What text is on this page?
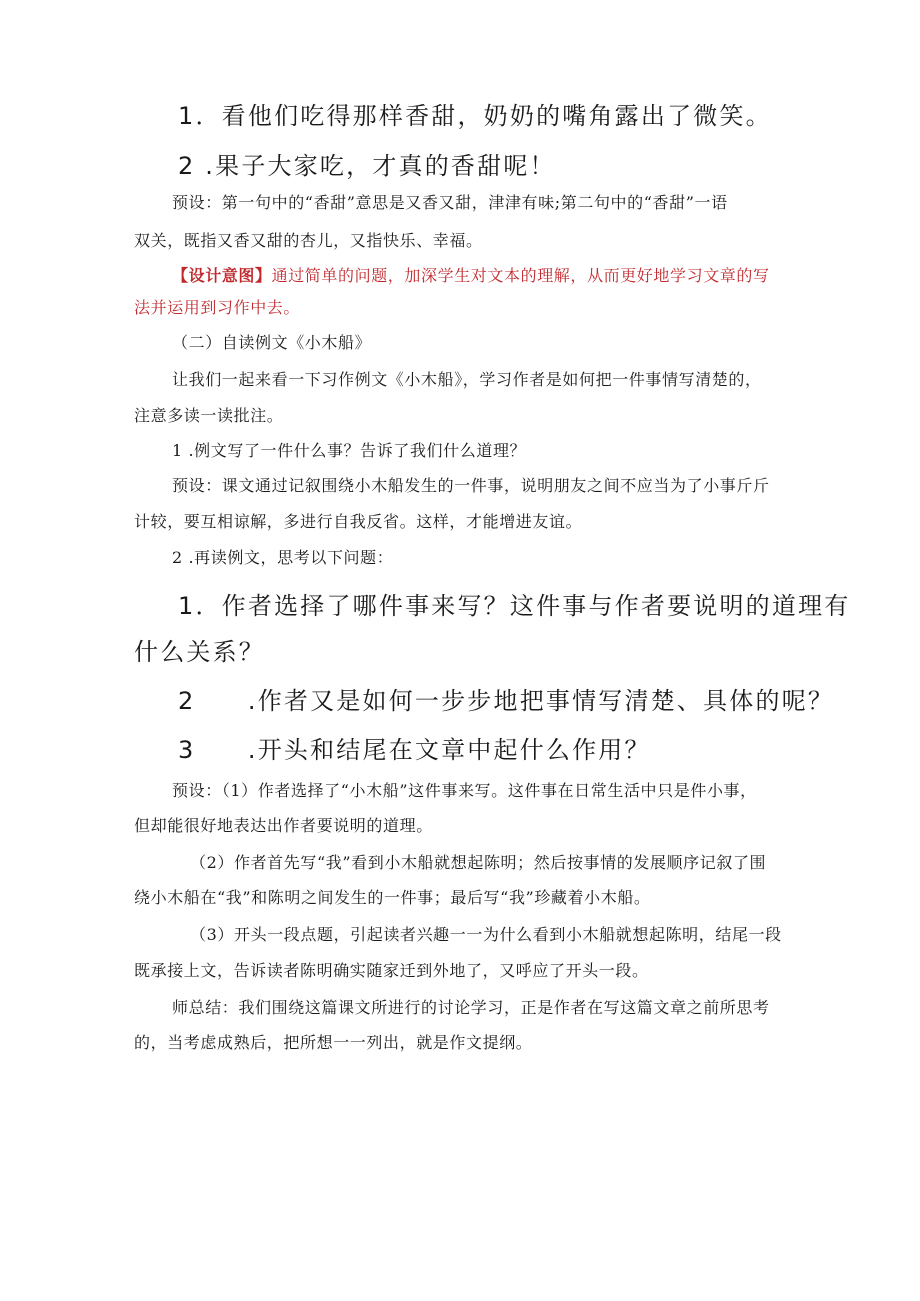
1．看他们吃得那样香甜，奶奶的嘴角露出了微笑。
2 .果子大家吃，才真的香甜呢！
预设：第一句中的“香甜”意思是又香又甜，津津有味;第二句中的“香甜”一语
双关，既指又香又甜的杏儿，又指快乐、幸福。
【设计意图】通过简单的问题，加深学生对文本的理解，从而更好地学习文章的写
法并运用到习作中去。
（二）自读例文《小木船》
让我们一起来看一下习作例文《小木船》，学习作者是如何把一件事情写清楚的，
注意多读一读批注。
1 .例文写了一件什么事？告诉了我们什么道理？
预设：课文通过记叙围绕小木船发生的一件事，说明朋友之间不应当为了小事斤斤
计较，要互相谅解，多进行自我反省。这样，才能增进友谊。
2 .再读例文，思考以下问题：
1．作者选择了哪件事来写？这件事与作者要说明的道理有
什么关系？
2　　.作者又是如何一步步地把事情写清楚、具体的呢？
3　　.开头和结尾在文章中起什么作用？
预设：（1）作者选择了“小木船”这件事来写。这件事在日常生活中只是件小事，
但却能很好地表达出作者要说明的道理。
（2）作者首先写“我”看到小木船就想起陈明；然后按事情的发展顺序记叙了围
绕小木船在“我”和陈明之间发生的一件事；最后写“我”珍藏着小木船。
（3）开头一段点题，引起读者兴趣一一为什么看到小木船就想起陈明，结尾一段
既承接上文，告诉读者陈明确实随家迁到外地了，又呼应了开头一段。
师总结：我们围绕这篇课文所进行的讨论学习，正是作者在写这篇文章之前所思考
的，当考虑成熟后，把所想一一列出，就是作文提纲。
